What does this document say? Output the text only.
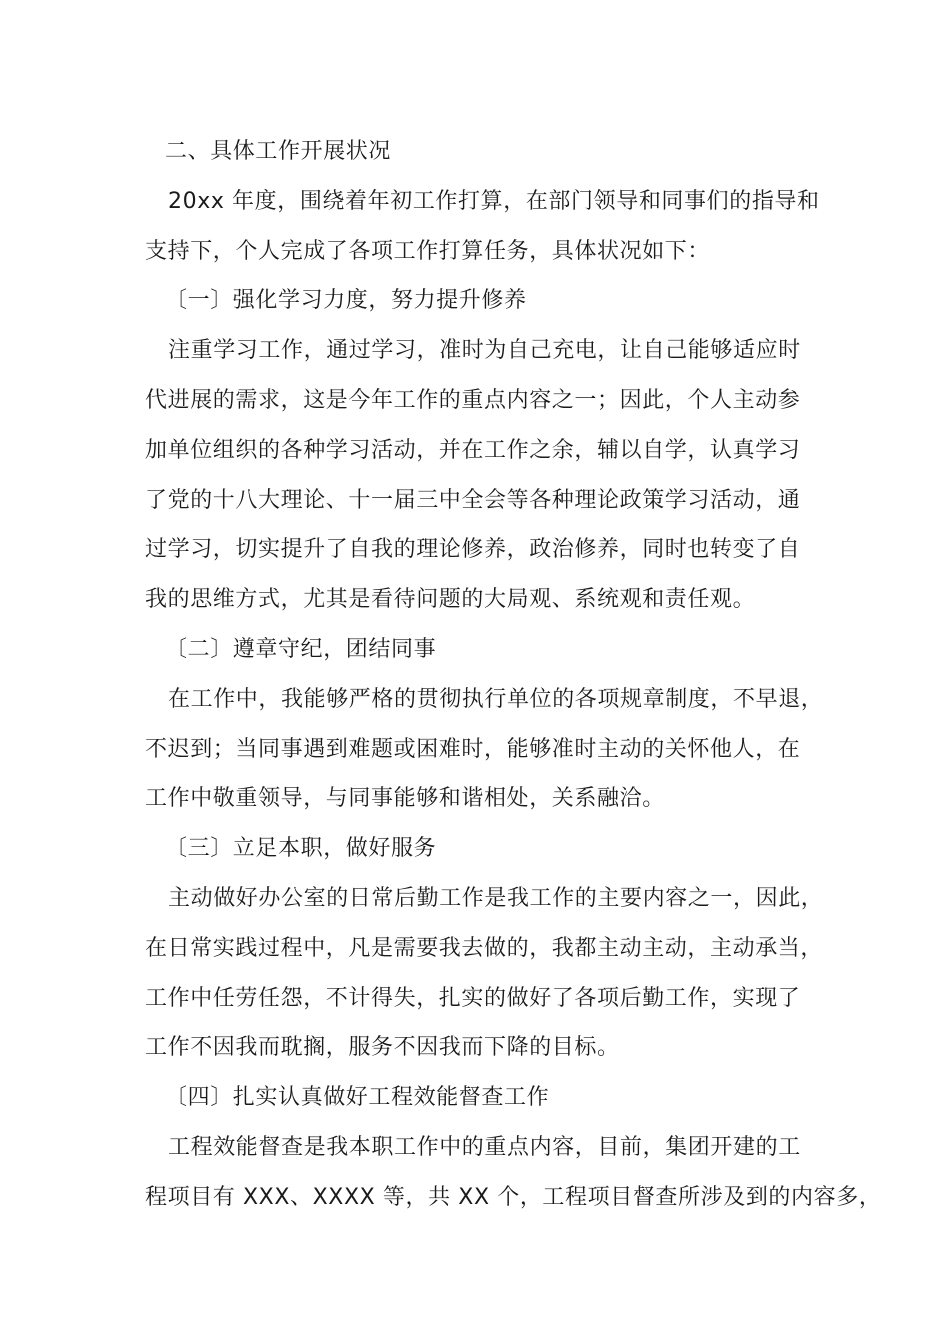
二、具体工作开展状况
20xx 年度，围绕着年初工作打算，在部门领导和同事们的指导和
支持下，个人完成了各项工作打算任务，具体状况如下：
〔一〕强化学习力度，努力提升修养
注重学习工作，通过学习，准时为自己充电，让自己能够适应时
代进展的需求，这是今年工作的重点内容之一；因此，个人主动参
加单位组织的各种学习活动，并在工作之余，辅以自学，认真学习
了党的十八大理论、十一届三中全会等各种理论政策学习活动，通
过学习，切实提升了自我的理论修养，政治修养，同时也转变了自
我的思维方式，尤其是看待问题的大局观、系统观和责任观。
〔二〕遵章守纪，团结同事
在工作中，我能够严格的贯彻执行单位的各项规章制度，不早退，
不迟到；当同事遇到难题或困难时，能够准时主动的关怀他人，在
工作中敬重领导，与同事能够和谐相处，关系融洽。
〔三〕立足本职，做好服务
主动做好办公室的日常后勤工作是我工作的主要内容之一，因此，
在日常实践过程中，凡是需要我去做的，我都主动主动，主动承当，
工作中任劳任怨，不计得失，扎实的做好了各项后勤工作，实现了
工作不因我而耽搁，服务不因我而下降的目标。
〔四〕扎实认真做好工程效能督查工作
工程效能督查是我本职工作中的重点内容，目前，集团开建的工
程项目有 XXX、XXXX 等，共 XX 个，工程项目督查所涉及到的内容多，
